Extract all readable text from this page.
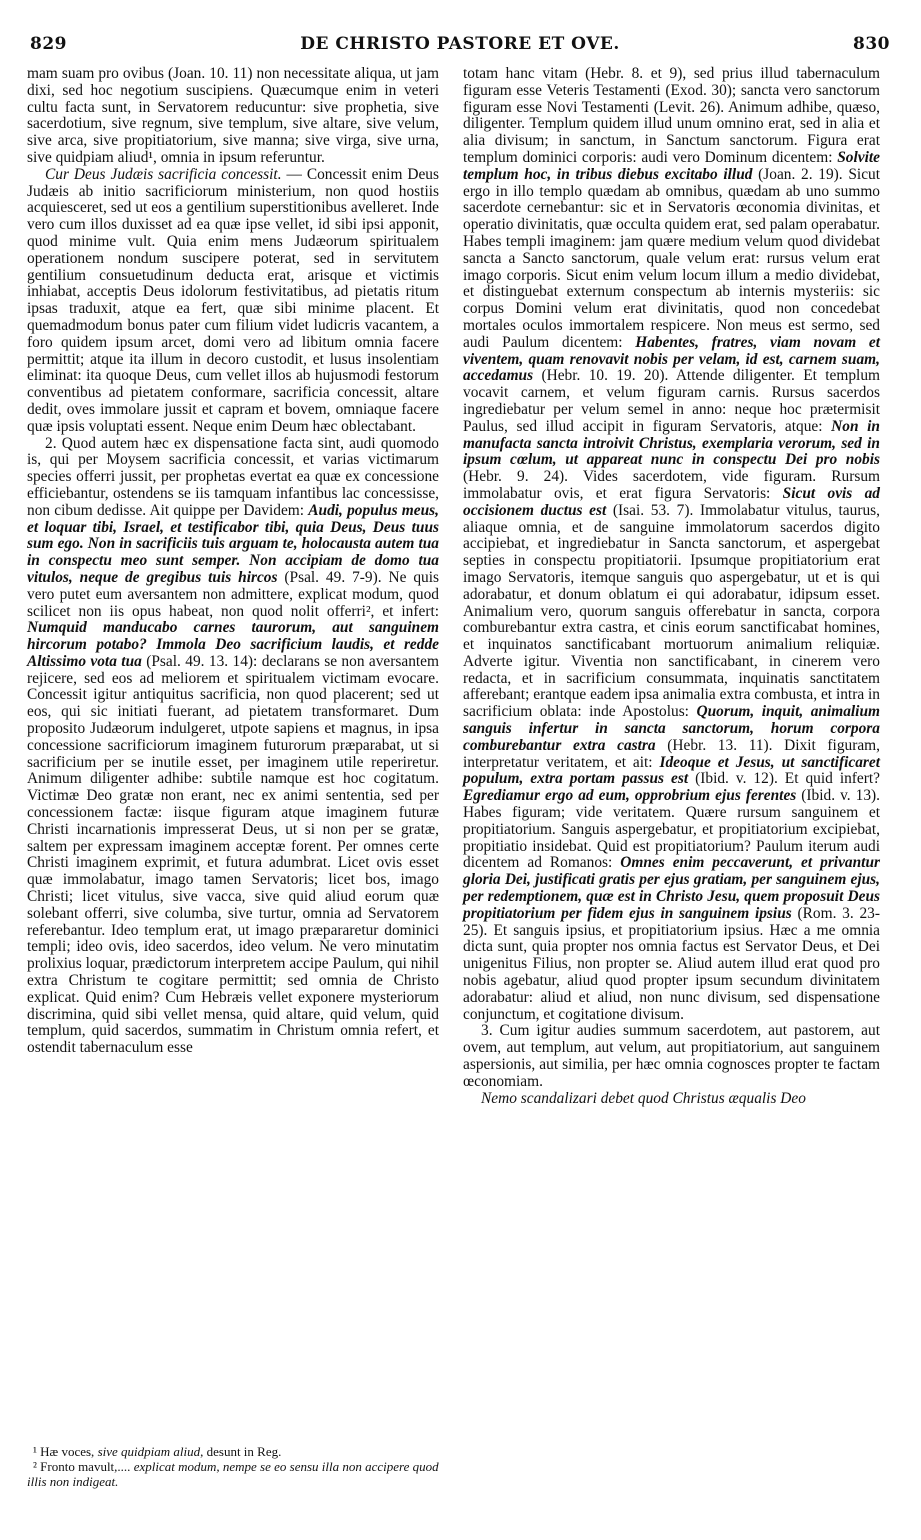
829	DE CHRISTO PASTORE ET OVE.	830

mam suam pro ovibus (Joan. 10. 11) non necessitate aliqua, ut jam dixi, sed hoc negotium suscipiens. Quæcumque enim in veteri cultu facta sunt, in Servatorem reducuntur: sive prophetia, sive sacerdotium, sive regnum, sive templum, sive altare, sive velum, sive arca, sive propitiatorium, sive manna; sive virga, sive urna, sive quidpiam aliud¹, omnia in ipsum referuntur.

Cur Deus Judæis sacrificia concessit. — Concessit enim Deus Judæis ab initio sacrificiorum ministerium, non quod hostiis acquiesceret, sed ut eos a gentilium superstitionibus avelleret. Inde vero cum illos duxisset ad ea quæ ipse vellet, id sibi ipsi apponit, quod minime vult. Quia enim mens Judæorum spiritualem operationem nondum suscipere poterat, sed in servitutem gentilium consuetudinum deducta erat, arisque et victimis inhiabat, acceptis Deus idolorum festivitatibus, ad pietatis ritum ipsas traduxit, atque ea fert, quæ sibi minime placent. Et quemadmodum bonus pater cum filium videt ludicris vacantem, a foro quidem ipsum arcet, domi vero ad libitum omnia facere permittit; atque ita illum in decoro custodit, et lusus insolentiam eliminat: ita quoque Deus, cum vellet illos ab hujusmodi festorum conventibus ad pietatem conformare, sacrificia concessit, altare dedit, oves immolare jussit et capram et bovem, omniaque facere quæ ipsis voluptati essent. Neque enim Deum hæc oblectabant.

2. Quod autem hæc ex dispensatione facta sint, audi quomodo is, qui per Moysem sacrificia concessit, et varias victimarum species offerri jussit, per prophetas evertat ea quæ ex concessione efficiebantur, ostendens se iis tamquam infantibus lac concessisse, non cibum dedisse. Ait quippe per Davidem: Audi, populus meus, et loquar tibi, Israel, et testificabor tibi, quia Deus, Deus tuus sum ego. Non in sacrificiis tuis arguam te, holocausta autem tua in conspectu meo sunt semper. Non accipiam de domo tua vitulos, neque de gregibus tuis hircos (Psal. 49. 7-9). Ne quis vero putet eum aversantem non admittere, explicat modum, quod scilicet non iis opus habeat, non quod nolit offerri², et infert: Numquid manducabo carnes taurorum, aut sanguinem hircorum potabo? Immola Deo sacrificium laudis, et redde Altissimo vota tua (Psal. 49. 13. 14): declarans se non aversantem rejicere, sed eos ad meliorem et spiritualem victimam evocare. Concessit igitur antiquitus sacrificia, non quod placerent; sed ut eos, qui sic initiati fuerant, ad pietatem transformaret. Dum proposito Judæorum indulgeret, utpote sapiens et magnus, in ipsa concessione sacrificiorum imaginem futurorum præparabat, ut si sacrificium per se inutile esset, per imaginem utile reperiretur. Animum diligenter adhibe: subtile namque est hoc cogitatum. Victimæ Deo gratæ non erant, nec ex animi sententia, sed per concessionem factæ: iisque figuram atque imaginem futuræ Christi incarnationis impresserat Deus, ut si non per se gratæ, saltem per expressam imaginem acceptæ forent. Per omnes certe Christi imaginem exprimit, et futura adumbrat. Licet ovis esset quæ immolabatur, imago tamen Servatoris; licet bos, imago Christi; licet vitulus, sive vacca, sive quid aliud eorum quæ solebant offerri, sive columba, sive turtur, omnia ad Servatorem referebantur. Ideo templum erat, ut imago præpararetur dominici templi; ideo ovis, ideo sacerdos, ideo velum. Ne vero minutatim prolixius loquar, prædictorum interpretem accipe Paulum, qui nihil extra Christum te cogitare permittit; sed omnia de Christo explicat. Quid enim? Cum Hebræis vellet exponere mysteriorum discrimina, quid sibi vellet mensa, quid altare, quid velum, quid templum, quid sacerdos, summatim in Christum omnia refert, et ostendit tabernaculum esse

¹ Hæ voces, sive quidpiam aliud, desunt in Reg.

² Fronto mavult,.... explicat modum, nempe se eo sensu illa non accipere quod illis non indigeat.

totam hanc vitam (Hebr. 8. et 9), sed prius illud tabernaculum figuram esse Veteris Testamenti (Exod. 30); sancta vero sanctorum figuram esse Novi Testamenti (Levit. 26). Animum adhibe, quæso, diligenter. Templum quidem illud unum omnino erat, sed in alia et alia divisum; in sanctum, in Sanctum sanctorum. Figura erat templum dominici corporis: audi vero Dominum dicentem: Solvite templum hoc, in tribus diebus excitabo illud (Joan. 2. 19). Sicut ergo in illo templo quædam ab omnibus, quædam ab uno summo sacerdote cernebantur: sic et in Servatoris œconomia divinitas, et operatio divinitatis, quæ occulta quidem erat, sed palam operabatur. Habes templi imaginem: jam quære medium velum quod dividebat sancta a Sancto sanctorum, quale velum erat: rursus velum erat imago corporis. Sicut enim velum locum illum a medio dividebat, et distinguebat externum conspectum ab internis mysteriis: sic corpus Domini velum erat divinitatis, quod non concedebat mortales oculos immortalem respicere. Non meus est sermo, sed audi Paulum dicentem: Habentes, fratres, viam novam et viventem, quam renovavit nobis per velam, id est, carnem suam, accedamus (Hebr. 10. 19. 20). Attende diligenter. Et templum vocavit carnem, et velum figuram carnis. Rursus sacerdos ingrediebatur per velum semel in anno: neque hoc prætermisit Paulus, sed illud accipit in figuram Servatoris, atque: Non in manufacta sancta introivit Christus, exemplaria verorum, sed in ipsum cœlum, ut appareat nunc in conspectu Dei pro nobis (Hebr. 9. 24). Vides sacerdotem, vide figuram. Rursum immolabatur ovis, et erat figura Servatoris: Sicut ovis ad occisionem ductus est (Isai. 53. 7). Immolabatur vitulus, taurus, aliaque omnia, et de sanguine immolatorum sacerdos digito accipiebat, et ingrediebatur in Sancta sanctorum, et aspergebat septies in conspectu propitiatorii. Ipsumque propitiatorium erat imago Servatoris, itemque sanguis quo aspergebatur, ut et is qui adorabatur, et donum oblatum ei qui adorabatur, idipsum esset. Animalium vero, quorum sanguis offerebatur in sancta, corpora comburebantur extra castra, et cinis eorum sanctificabat homines, et inquinatos sanctificabant mortuorum animalium reliquiæ. Adverte igitur. Viventia non sanctificabant, in cinerem vero redacta, et in sacrificium consummata, inquinatis sanctitatem afferebant; erantque eadem ipsa animalia extra combusta, et intra in sacrificium oblata: inde Apostolus: Quorum, inquit, animalium sanguis infertur in sancta sanctorum, horum corpora comburebantur extra castra (Hebr. 13. 11). Dixit figuram, interpretatur veritatem, et ait: Ideoque et Jesus, ut sanctificaret populum, extra portam passus est (Ibid. v. 12). Et quid infert? Egrediamur ergo ad eum, opprobrium ejus ferentes (Ibid. v. 13). Habes figuram; vide veritatem. Quære rursum sanguinem et propitiatorium. Sanguis aspergebatur, et propitiatorium excipiebat, propitiatio insidebat. Quid est propitiatorium? Paulum iterum audi dicentem ad Romanos: Omnes enim peccaverunt, et privantur gloria Dei, justificati gratis per ejus gratiam, per sanguinem ejus, per redemptionem, quæ est in Christo Jesu, quem proposuit Deus propitiatorium per fidem ejus in sanguinem ipsius (Rom. 3. 23-25). Et sanguis ipsius, et propitiatorium ipsius. Hæc a me omnia dicta sunt, quia propter nos omnia factus est Servator Deus, et Dei unigenitus Filius, non propter se. Aliud autem illud erat quod pro nobis agebatur, aliud quod propter ipsum secundum divinitatem adorabatur: aliud et aliud, non nunc divisum, sed dispensatione conjunctum, et cogitatione divisum.

3. Cum igitur audies summum sacerdotem, aut pastorem, aut ovem, aut templum, aut velum, aut propitiatorium, aut sanguinem aspersionis, aut similia, per hæc omnia cognosces propter te factam œconomiam.

Nemo scandalizari debet quod Christus æqualis Deo
